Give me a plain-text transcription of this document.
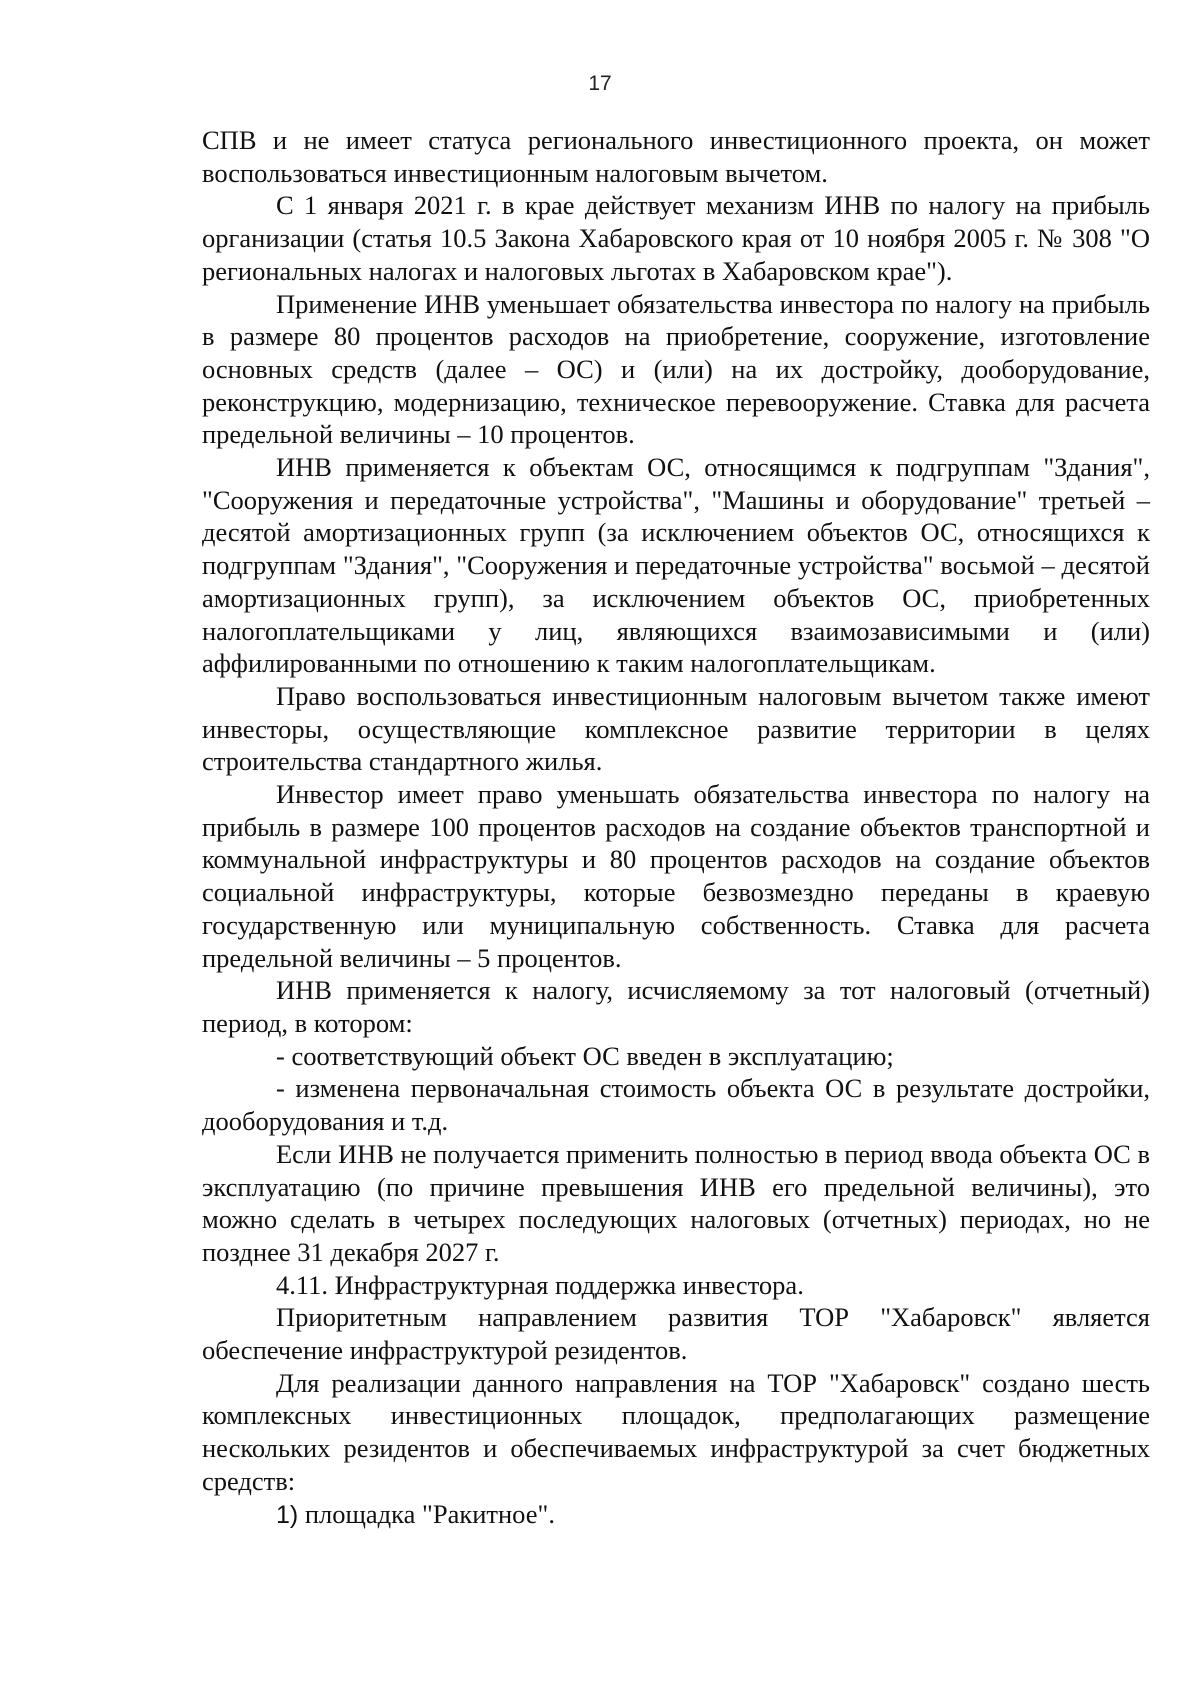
17

СПВ и не имеет статуса регионального инвестиционного проекта, он может воспользоваться инвестиционным налоговым вычетом.

С 1 января 2021 г. в крае действует механизм ИНВ по налогу на прибыль организации (статья 10.5 Закона Хабаровского края от 10 ноября 2005 г. № 308 "О региональных налогах и налоговых льготах в Хабаровском крае").

Применение ИНВ уменьшает обязательства инвестора по налогу на прибыль в размере 80 процентов расходов на приобретение, сооружение, изготовление основных средств (далее – ОС) и (или) на их достройку, дооборудование, реконструкцию, модернизацию, техническое перевооружение. Ставка для расчета предельной величины – 10 процентов.

ИНВ применяется к объектам ОС, относящимся к подгруппам "Здания", "Сооружения и передаточные устройства", "Машины и оборудование" третьей – десятой амортизационных групп (за исключением объектов ОС, относящихся к подгруппам "Здания", "Сооружения и передаточные устройства" восьмой – десятой амортизационных групп), за исключением объектов ОС, приобретенных налогоплательщиками у лиц, являющихся взаимозависимыми и (или) аффилированными по отношению к таким налогоплательщикам.

Право воспользоваться инвестиционным налоговым вычетом также имеют инвесторы, осуществляющие комплексное развитие территории в целях строительства стандартного жилья.

Инвестор имеет право уменьшать обязательства инвестора по налогу на прибыль в размере 100 процентов расходов на создание объектов транспортной и коммунальной инфраструктуры и 80 процентов расходов на создание объектов социальной инфраструктуры, которые безвозмездно переданы в краевую государственную или муниципальную собственность. Ставка для расчета предельной величины – 5 процентов.

ИНВ применяется к налогу, исчисляемому за тот налоговый (отчетный) период, в котором:

- соответствующий объект ОС введен в эксплуатацию;

- изменена первоначальная стоимость объекта ОС в результате достройки, дооборудования и т.д.

Если ИНВ не получается применить полностью в период ввода объекта ОС в эксплуатацию (по причине превышения ИНВ его предельной величины), это можно сделать в четырех последующих налоговых (отчетных) периодах, но не позднее 31 декабря 2027 г.

4.11. Инфраструктурная поддержка инвестора.

Приоритетным направлением развития ТОР "Хабаровск" является обеспечение инфраструктурой резидентов.

Для реализации данного направления на ТОР "Хабаровск" создано шесть комплексных инвестиционных площадок, предполагающих размещение нескольких резидентов и обеспечиваемых инфраструктурой за счет бюджетных средств:

1) площадка "Ракитное".
